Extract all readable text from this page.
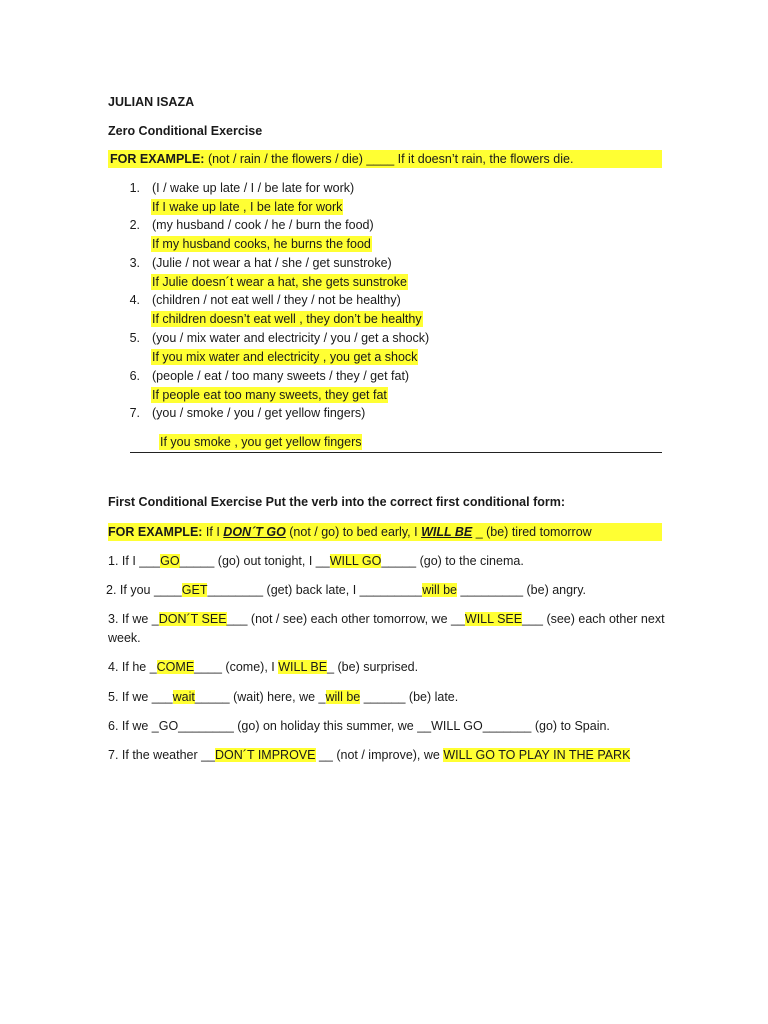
JULIAN ISAZA
Zero Conditional Exercise
FOR EXAMPLE: (not / rain / the flowers / die) ____ If it doesn’t rain, the flowers die.
1. (I / wake up late / I / be late for work)
If I wake up late , I be late for work
2. (my husband / cook / he / burn the food)
If my husband cooks, he burns the food
3. (Julie / not wear a hat / she / get sunstroke)
If Julie doesn´t wear a hat, she gets sunstroke
4. (children / not eat well / they / not be healthy)
If children doesn’t eat well , they don’t be healthy
5. (you / mix water and electricity / you / get a shock)
If you mix water and electricity , you get a shock
6. (people / eat / too many sweets / they / get fat)
If people eat too many sweets, they get fat
7. (you / smoke / you / get yellow fingers)
If you smoke , you get yellow fingers
First Conditional Exercise Put the verb into the correct first conditional form:
FOR EXAMPLE: If I DON´T GO (not / go) to bed early, I WILL BE _ (be) tired tomorrow
1. If I ___GO_____ (go) out tonight, I __WILL GO_____ (go) to the cinema.
2. If you ____GET________ (get) back late, I _________will be _________ (be) angry.
3. If we _DON´T SEE___ (not / see) each other tomorrow, we __WILL SEE___ (see) each other next
week.
4. If he _COME____ (come), I WILL BE_ (be) surprised.
5. If we ___wait_____ (wait) here, we _will be ______ (be) late.
6. If we _GO________ (go) on holiday this summer, we __WILL GO_______ (go) to Spain.
7. If the weather __DON´T IMPROVE __ (not / improve), we WILL GO TO PLAY IN THE PARK
